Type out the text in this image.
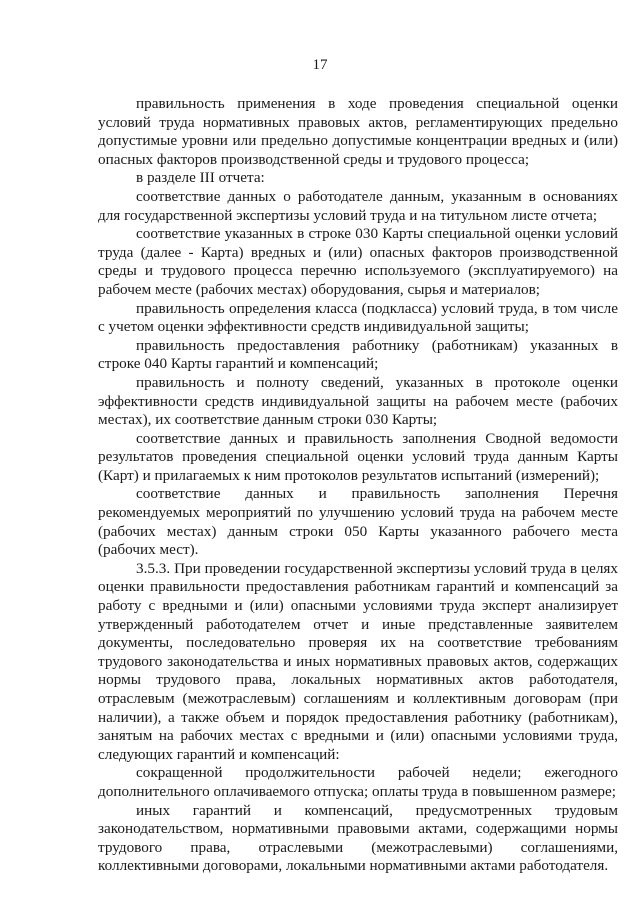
17

правильность применения в ходе проведения специальной оценки условий труда нормативных правовых актов, регламентирующих предельно допустимые уровни или предельно допустимые концентрации вредных и (или) опасных факторов производственной среды и трудового процесса;

в разделе III отчета:

соответствие данных о работодателе данным, указанным в основаниях для государственной экспертизы условий труда и на титульном листе отчета;

соответствие указанных в строке 030 Карты специальной оценки условий труда (далее - Карта) вредных и (или) опасных факторов производственной среды и трудового процесса перечню используемого (эксплуатируемого) на рабочем месте (рабочих местах) оборудования, сырья и материалов;

правильность определения класса (подкласса) условий труда, в том числе с учетом оценки эффективности средств индивидуальной защиты;

правильность предоставления работнику (работникам) указанных в строке 040 Карты гарантий и компенсаций;

правильность и полноту сведений, указанных в протоколе оценки эффективности средств индивидуальной защиты на рабочем месте (рабочих местах), их соответствие данным строки 030 Карты;

соответствие данных и правильность заполнения Сводной ведомости результатов проведения специальной оценки условий труда данным Карты (Карт) и прилагаемых к ним протоколов результатов испытаний (измерений);

соответствие данных и правильность заполнения Перечня рекомендуемых мероприятий по улучшению условий труда на рабочем месте (рабочих местах) данным строки 050 Карты указанного рабочего места (рабочих мест).

3.5.3. При проведении государственной экспертизы условий труда в целях оценки правильности предоставления работникам гарантий и компенсаций за работу с вредными и (или) опасными условиями труда эксперт анализирует утвержденный работодателем отчет и иные представленные заявителем документы, последовательно проверяя их на соответствие требованиям трудового законодательства и иных нормативных правовых актов, содержащих нормы трудового права, локальных нормативных актов работодателя, отраслевым (межотраслевым) соглашениям и коллективным договорам (при наличии), а также объем и порядок предоставления работнику (работникам), занятым на рабочих местах с вредными и (или) опасными условиями труда, следующих гарантий и компенсаций:

сокращенной продолжительности рабочей недели; ежегодного дополнительного оплачиваемого отпуска; оплаты труда в повышенном размере;

иных гарантий и компенсаций, предусмотренных трудовым законодательством, нормативными правовыми актами, содержащими нормы трудового права, отраслевыми (межотраслевыми) соглашениями, коллективными договорами, локальными нормативными актами работодателя.
